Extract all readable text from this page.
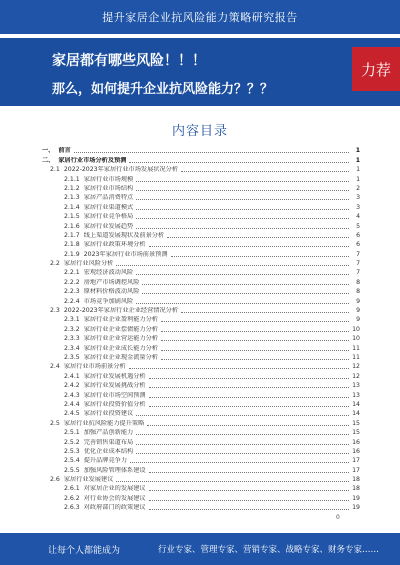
提升家居企业抗风险能力策略研究报告
家居都有哪些风险！！！
那么，如何提升企业抗风险能力？？？
力荐
内容目录
一、 前言	1
二、 家居行业市场分析及预测	1
2.1 2022-2023年家居行业市场发展状况分析	1
2.1.1 家居行业市场规模	1
2.1.2 家居行业市场结构	2
2.1.3 家居产品消费特点	3
2.1.4 家居行业渠道模式	3
2.1.5 家居行业竞争格局	4
2.1.6 家居行业发展趋势	5
2.1.7 线上渠道发展现状及前景分析	6
2.1.8 家居行业政策环境分析	6
2.1.9 2023年家居行业市场前景预测	7
2.2 家居行业风险分析	7
2.2.1 宏观经济波动风险	7
2.2.2 房地产市场调控风险	8
2.2.3 原材料价格波动风险	8
2.2.4 市场竞争加剧风险	9
2.3 2022-2023年家居行业企业经营情况分析	9
2.3.1 家居行业企业盈利能力分析	9
2.3.2 家居行业企业偿债能力分析	10
2.3.3 家居行业企业营运能力分析	10
2.3.4 家居行业企业成长能力分析	11
2.3.5 家居行业企业现金流量分析	11
2.4 家居行业市场前景分析	12
2.4.1 家居行业发展机遇分析	12
2.4.2 家居行业发展挑战分析	13
2.4.3 家居行业市场空间预测	13
2.4.4 家居行业投资价值分析	14
2.4.5 家居行业投资建议	14
2.5 家居行业抗风险能力提升策略	15
2.5.1 加强产品创新能力	15
2.5.2 完善销售渠道布局	16
2.5.3 优化企业成本结构	16
2.5.4 提升品牌竞争力	17
2.5.5 加强风险管理体系建设	17
2.6 家居行业发展建议	18
2.6.1 对家居企业的发展建议	18
2.6.2 对行业协会的发展建议	19
2.6.3 对政府部门的政策建议	19
0
让每个人都能成为	行业专家、管理专家、营销专家、战略专家、财务专家……
